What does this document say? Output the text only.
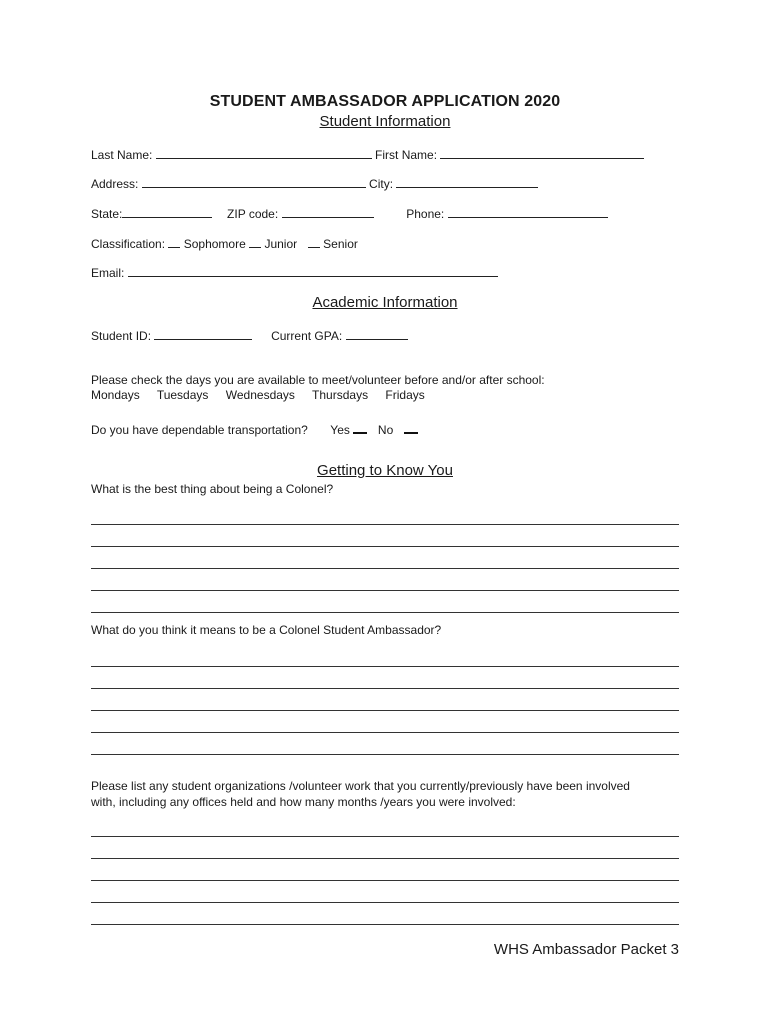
STUDENT AMBASSADOR APPLICATION 2020
Student Information
Last Name:	First Name:
Address:	City:
State:	ZIP code:	Phone:
Classification: Sophomore Junior Senior
Email:
Academic Information
Student ID:	Current GPA:
Please check the days you are available to meet/volunteer before and/or after school:
Mondays Tuesdays Wednesdays Thursdays Fridays
Do you have dependable transportation? Yes No
Getting to Know You
What is the best thing about being a Colonel?
What do you think it means to be a Colonel Student Ambassador?
Please list any student organizations /volunteer work that you currently/previously have been involved
with, including any offices held and how many months /years you were involved:
WHS Ambassador Packet 3
